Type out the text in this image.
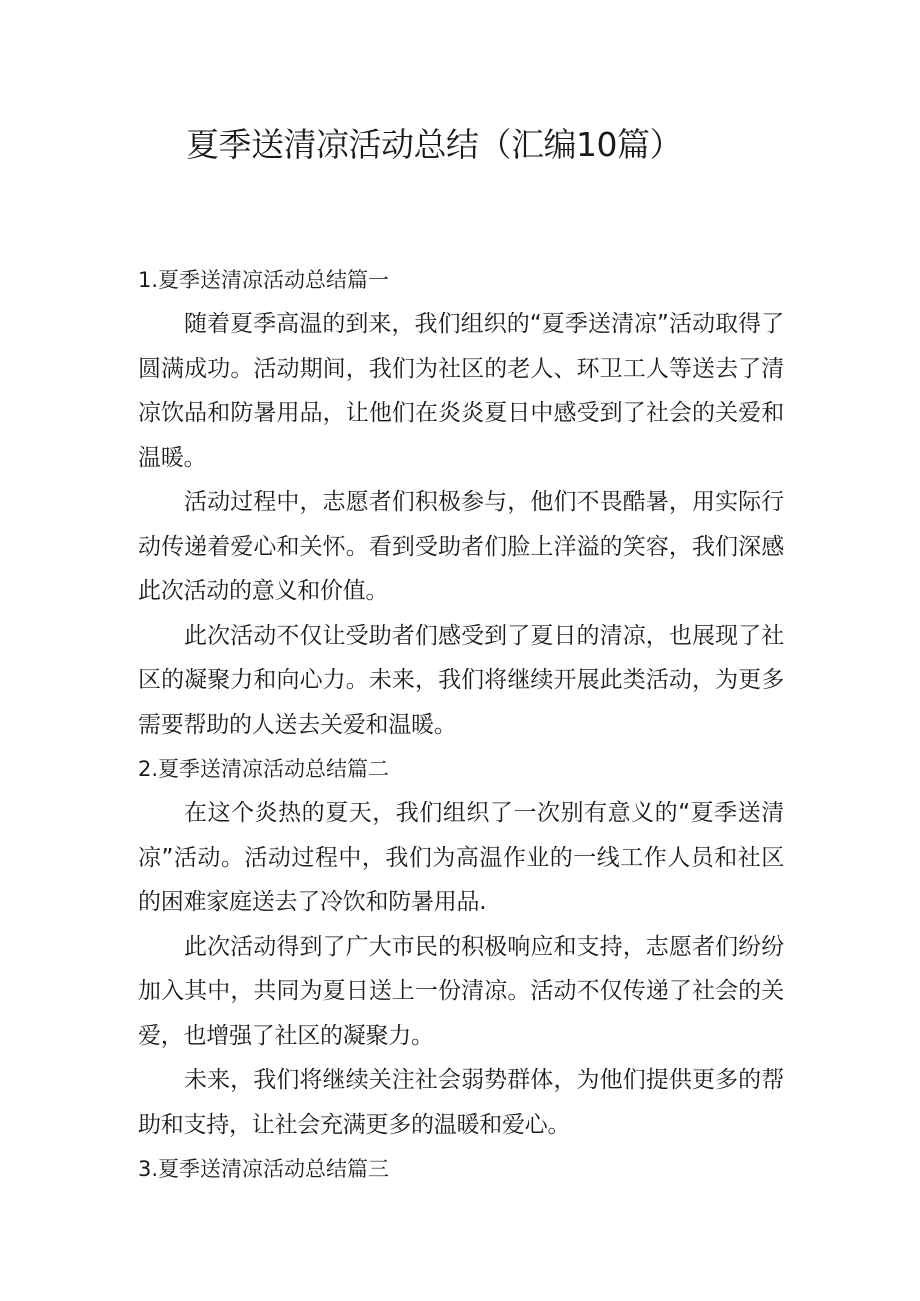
夏季送清凉活动总结（汇编10篇）
1.夏季送清凉活动总结篇一

随着夏季高温的到来，我们组织的“夏季送清凉”活动取得了圆满成功。活动期间，我们为社区的老人、环卫工人等送去了清凉饮品和防暑用品，让他们在炎炎夏日中感受到了社会的关爱和温暖。

活动过程中，志愿者们积极参与，他们不畏酷暑，用实际行动传递着爱心和关怀。看到受助者们脸上洋溢的笑容，我们深感此次活动的意义和价值。

此次活动不仅让受助者们感受到了夏日的清凉，也展现了社区的凝聚力和向心力。未来，我们将继续开展此类活动，为更多需要帮助的人送去关爱和温暖。

2.夏季送清凉活动总结篇二

在这个炎热的夏天，我们组织了一次别有意义的“夏季送清凉”活动。活动过程中，我们为高温作业的一线工作人员和社区的困难家庭送去了冷饮和防暑用品.

此次活动得到了广大市民的积极响应和支持，志愿者们纷纷加入其中，共同为夏日送上一份清凉。活动不仅传递了社会的关爱，也增强了社区的凝聚力。

未来，我们将继续关注社会弱势群体，为他们提供更多的帮助和支持，让社会充满更多的温暖和爱心。

3.夏季送清凉活动总结篇三
